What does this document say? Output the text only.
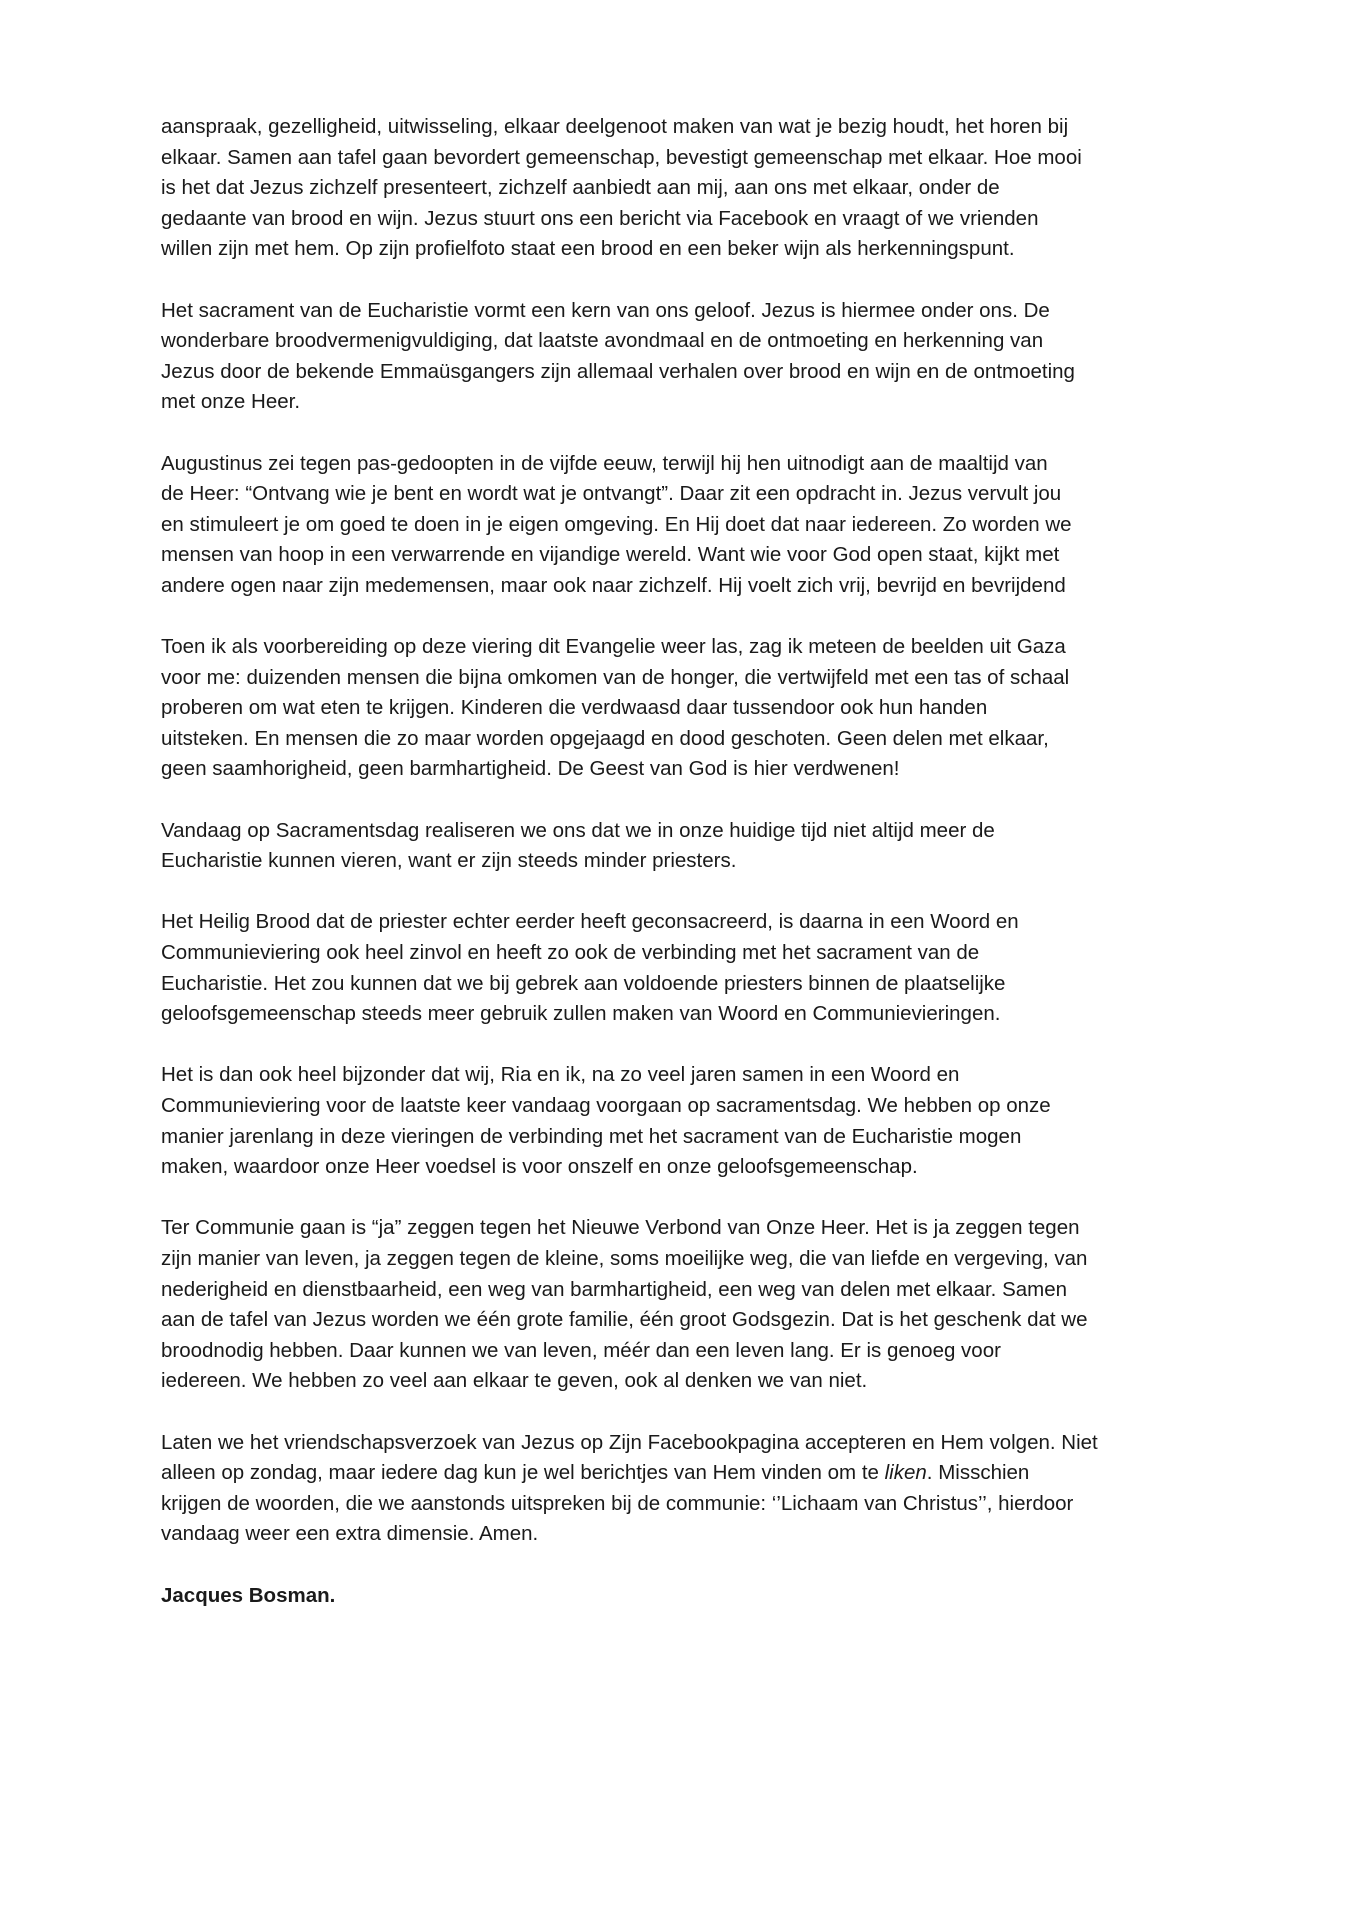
aanspraak, gezelligheid, uitwisseling, elkaar deelgenoot maken van wat je bezig houdt, het horen bij
elkaar. Samen aan tafel gaan bevordert gemeenschap, bevestigt gemeenschap met elkaar. Hoe mooi
is het dat Jezus zichzelf presenteert, zichzelf aanbiedt aan mij, aan ons met elkaar, onder de
gedaante van brood en wijn. Jezus stuurt ons een bericht via Facebook en vraagt of we vrienden
willen zijn met hem. Op zijn profielfoto staat een brood en een beker wijn als herkenningspunt.

Het sacrament van de Eucharistie vormt een kern van ons geloof. Jezus is hiermee onder ons. De
wonderbare broodvermenigvuldiging, dat laatste avondmaal en de ontmoeting en herkenning van
Jezus door de bekende Emmaüsgangers zijn allemaal verhalen over brood en wijn en de ontmoeting
met onze Heer.

Augustinus zei tegen pas-gedoopten in de vijfde eeuw, terwijl hij hen uitnodigt aan de maaltijd van
de Heer: “Ontvang wie je bent en wordt wat je ontvangt”. Daar zit een opdracht in. Jezus vervult jou
en stimuleert je om goed te doen in je eigen omgeving. En Hij doet dat naar iedereen. Zo worden we
mensen van hoop in een verwarrende en vijandige wereld. Want wie voor God open staat, kijkt met
andere ogen naar zijn medemensen, maar ook naar zichzelf. Hij voelt zich vrij, bevrijd en bevrijdend

Toen ik als voorbereiding op deze viering dit Evangelie weer las, zag ik meteen de beelden uit Gaza
voor me: duizenden mensen die bijna omkomen van de honger, die vertwijfeld met een tas of schaal
proberen om wat eten te krijgen. Kinderen die verdwaasd daar tussendoor ook hun handen
uitsteken. En mensen die zo maar worden opgejaagd en dood geschoten. Geen delen met elkaar,
geen saamhorigheid, geen barmhartigheid. De Geest van God is hier verdwenen!

Vandaag op Sacramentsdag realiseren we ons dat we in onze huidige tijd niet altijd meer de
Eucharistie kunnen vieren, want er zijn steeds minder priesters.

Het Heilig Brood dat de priester echter eerder heeft geconsacreerd, is daarna in een Woord en
Communieviering ook heel zinvol en heeft zo ook de verbinding met het sacrament van de
Eucharistie. Het zou kunnen dat we bij gebrek aan voldoende priesters binnen de plaatselijke
geloofsgemeenschap steeds meer gebruik zullen maken van Woord en Communievieringen.

Het is dan ook heel bijzonder dat wij, Ria en ik, na zo veel jaren samen in een Woord en
Communieviering voor de laatste keer vandaag voorgaan op sacramentsdag. We hebben op onze
manier jarenlang in deze vieringen de verbinding met het sacrament van de Eucharistie mogen
maken, waardoor onze Heer voedsel is voor onszelf en onze geloofsgemeenschap.

Ter Communie gaan is “ja” zeggen tegen het Nieuwe Verbond van Onze Heer. Het is ja zeggen tegen
zijn manier van leven, ja zeggen tegen de kleine, soms moeilijke weg, die van liefde en vergeving, van
nederigheid en dienstbaarheid, een weg van barmhartigheid, een weg van delen met elkaar. Samen
aan de tafel van Jezus worden we één grote familie, één groot Godsgezin. Dat is het geschenk dat we
broodnodig hebben. Daar kunnen we van leven, méér dan een leven lang. Er is genoeg voor
iedereen. We hebben zo veel aan elkaar te geven, ook al denken we van niet.

Laten we het vriendschapsverzoek van Jezus op Zijn Facebookpagina accepteren en Hem volgen. Niet
alleen op zondag, maar iedere dag kun je wel berichtjes van Hem vinden om te liken. Misschien
krijgen de woorden, die we aanstonds uitspreken bij de communie: ‘’Lichaam van Christus’’, hierdoor
vandaag weer een extra dimensie. Amen.

Jacques Bosman.
